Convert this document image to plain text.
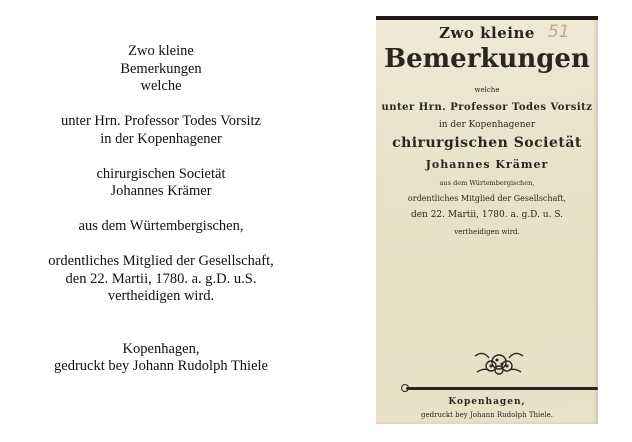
Zwo kleine
Bemerkungen
welche
unter Hrn. Professor Todes Vorsitz
in der Kopenhagener
chirurgischen Societät
Johannes Krämer
aus dem Würtembergischen,
ordentliches Mitglied der Gesellschaft,
den 22. Martii, 1780. a. g.D. u.S.
vertheidigen wird.
Kopenhagen,
gedruckt bey Johann Rudolph Thiele
51
Zwo kleine
Bemerkungen
welche
unter Hrn. Professor Todes Vorsitz
in der Kopenhagener
chirurgischen Societät
Johannes Krämer
aus dem Würtembergischen,
ordentliches Mitglied der Gesellschaft,
den 22. Martii, 1780. a. g.D. u. S.
vertheidigen wird.
Kopenhagen,
gedruckt bey Johann Rudolph Thiele.
